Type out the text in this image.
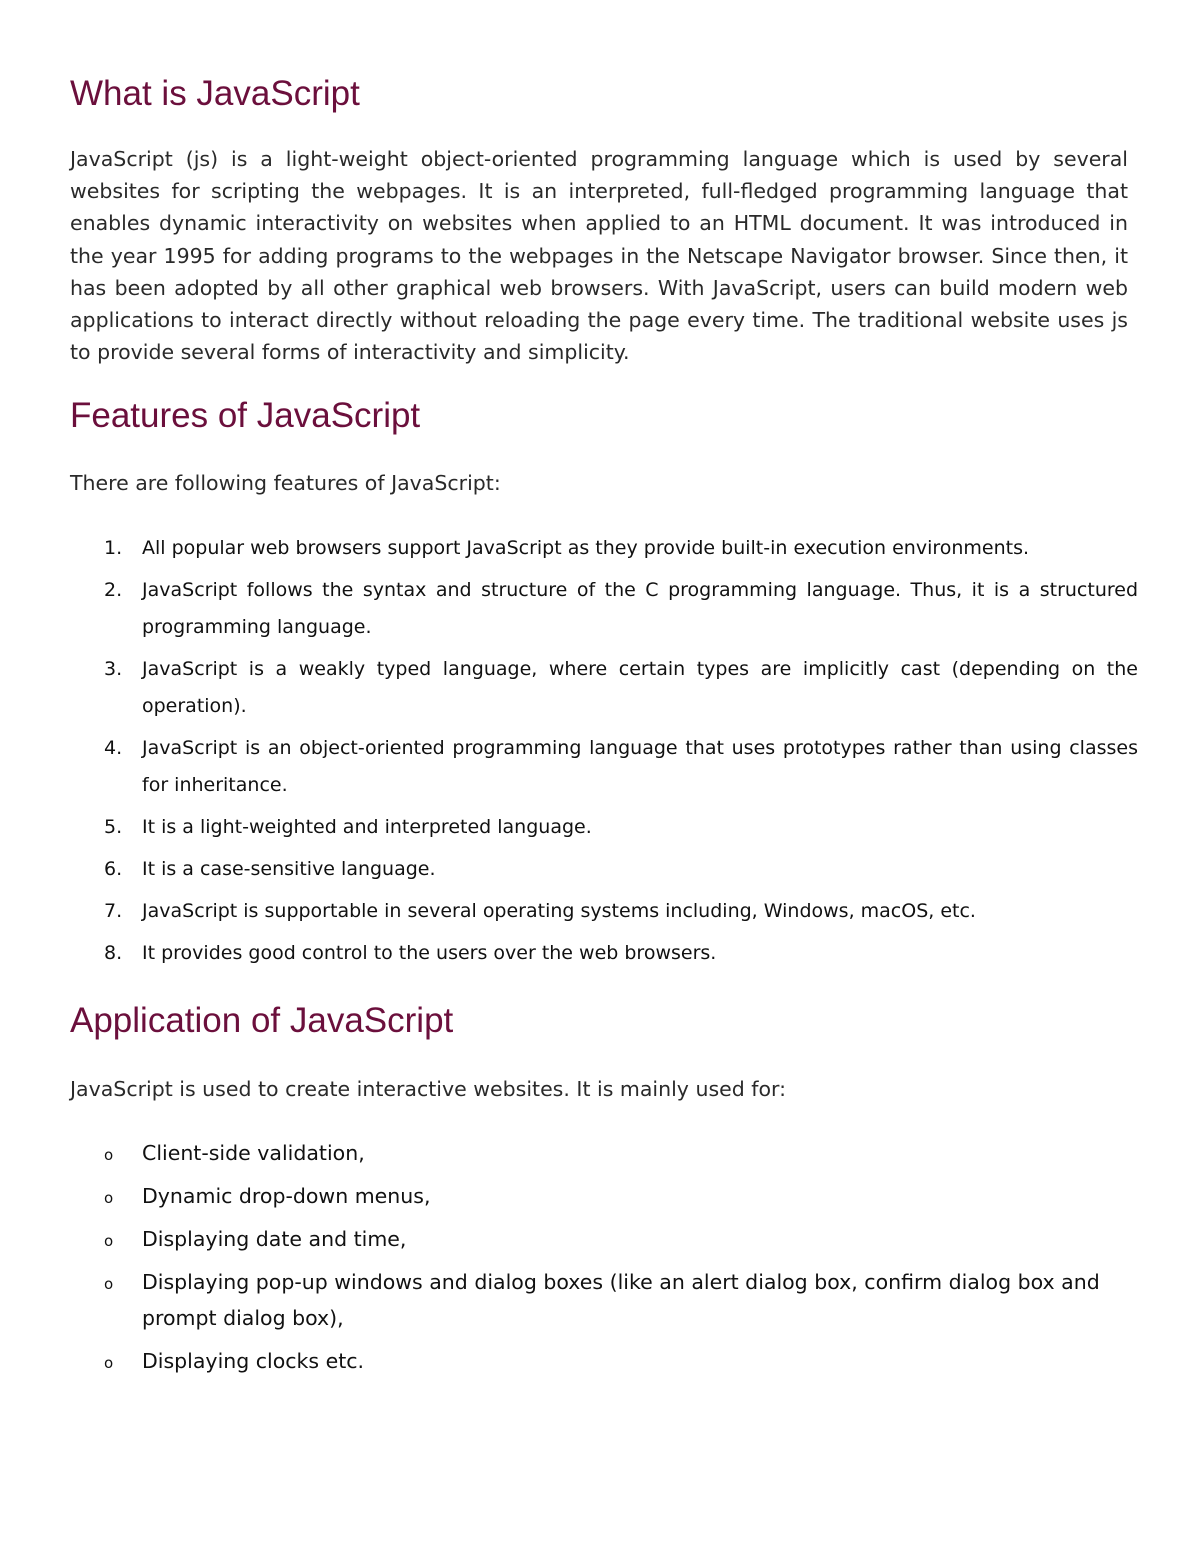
What is JavaScript

JavaScript (js) is a light-weight object-oriented programming language which is used by several websites for scripting the webpages. It is an interpreted, full-fledged programming language that enables dynamic interactivity on websites when applied to an HTML document. It was introduced in the year 1995 for adding programs to the webpages in the Netscape Navigator browser. Since then, it has been adopted by all other graphical web browsers. With JavaScript, users can build modern web applications to interact directly without reloading the page every time. The traditional website uses js to provide several forms of interactivity and simplicity.

Features of JavaScript

There are following features of JavaScript:

1. All popular web browsers support JavaScript as they provide built-in execution environments.
2. JavaScript follows the syntax and structure of the C programming language. Thus, it is a structured programming language.
3. JavaScript is a weakly typed language, where certain types are implicitly cast (depending on the operation).
4. JavaScript is an object-oriented programming language that uses prototypes rather than using classes for inheritance.
5. It is a light-weighted and interpreted language.
6. It is a case-sensitive language.
7. JavaScript is supportable in several operating systems including, Windows, macOS, etc.
8. It provides good control to the users over the web browsers.
Application of JavaScript

JavaScript is used to create interactive websites. It is mainly used for:

o Client-side validation,
o Dynamic drop-down menus,
o Displaying date and time,
o Displaying pop-up windows and dialog boxes (like an alert dialog box, confirm dialog box and prompt dialog box),
o Displaying clocks etc.
